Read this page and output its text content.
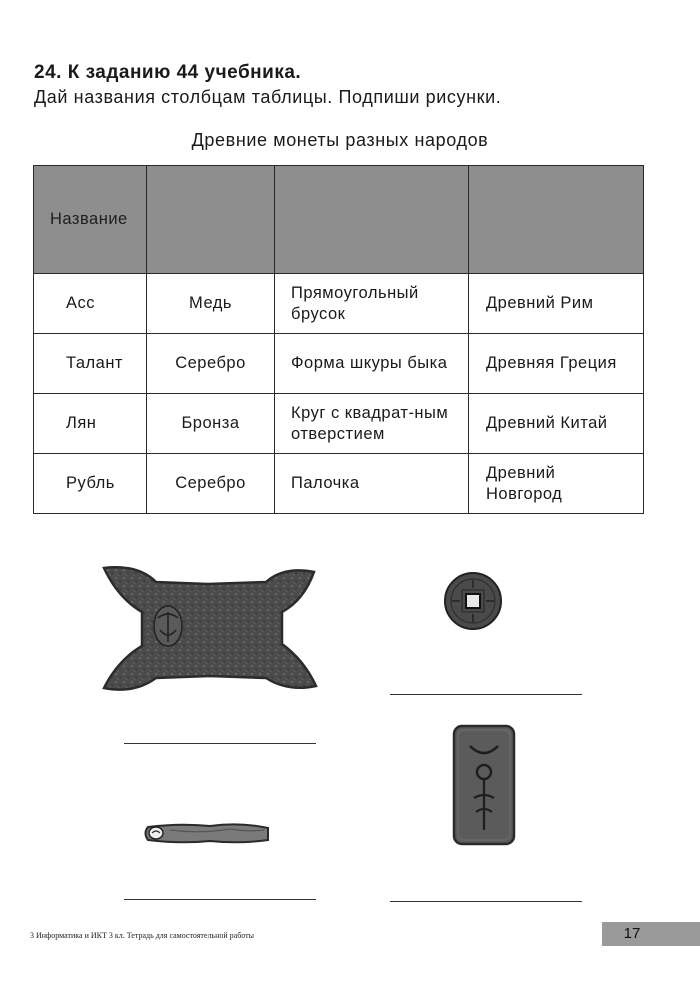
24. К заданию 44 учебника.
Дай названия столбцам таблицы. Подпиши рисунки.
Древние монеты разных народов
Название			
Асс	Медь	Прямоугольный брусок	Древний Рим
Талант	Серебро	Форма шкуры быка	Древняя Греция
Лян	Бронза	Круг с квадрат-ным отверстием	Древний Китай
Рубль	Серебро	Палочка	Древний Новгород
3 Информатика и ИКТ 3 кл. Тетрадь для самостоятельной работы	17
